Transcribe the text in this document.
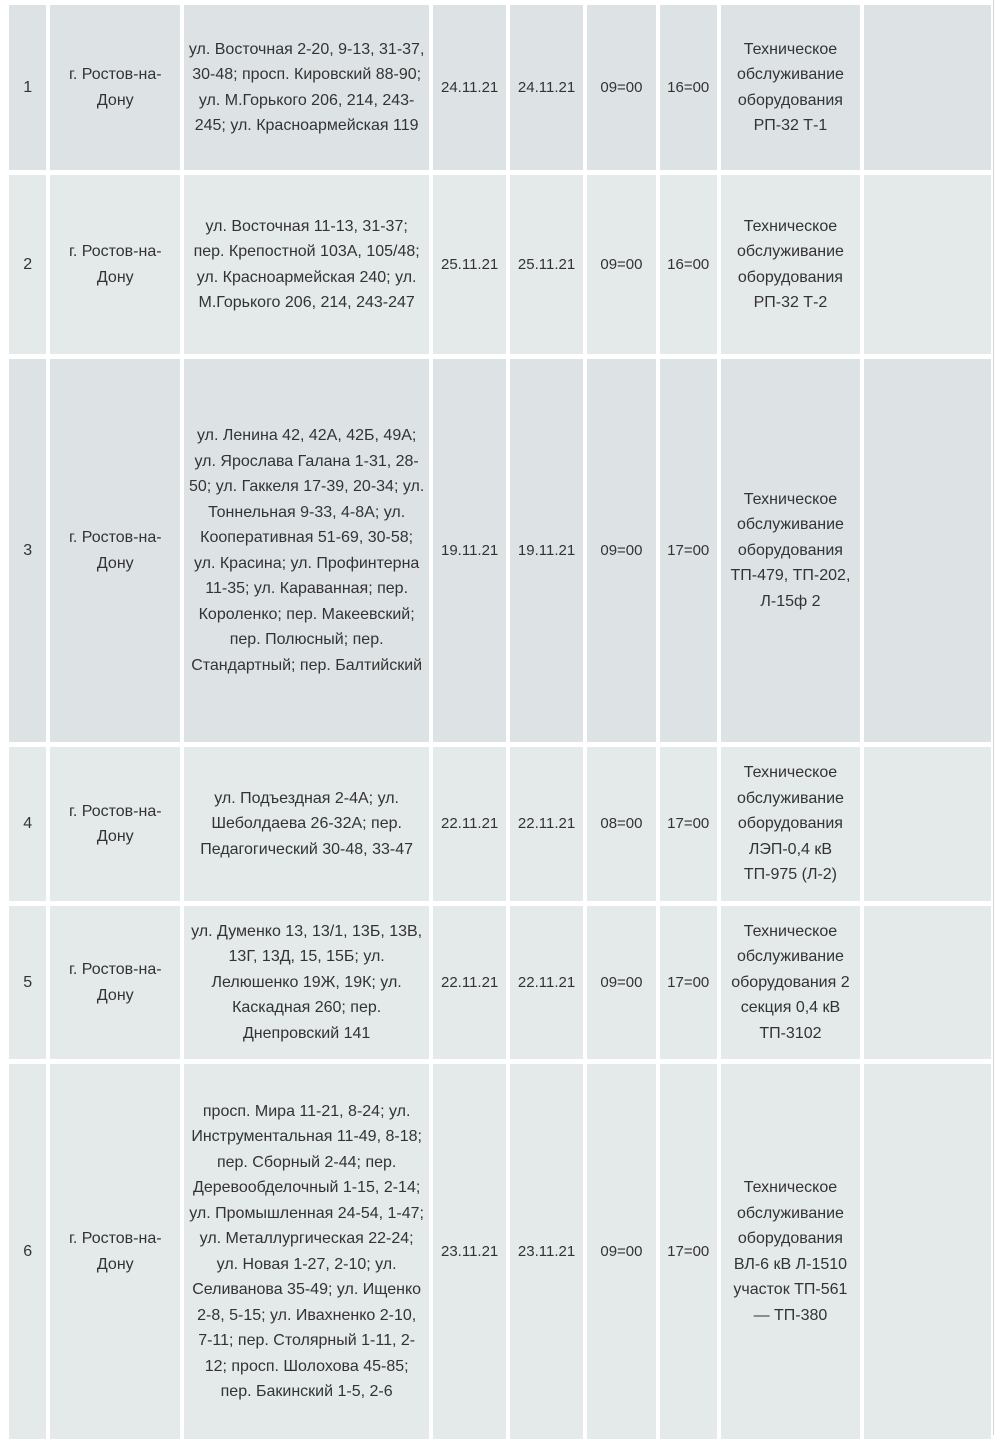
1	г. Ростов-на-Дону	ул. Восточная 2-20, 9-13, 31-37, 30-48; просп. Кировский 88-90; ул. М.Горького 206, 214, 243-245; ул. Красноармейская 119	24.11.21	24.11.21	09=00	16=00	Техническое обслуживание оборудования РП-32 Т-1	
2	г. Ростов-на-Дону	ул. Восточная 11-13, 31-37; пер. Крепостной 103А, 105/48; ул. Красноармейская 240; ул. М.Горького 206, 214, 243-247	25.11.21	25.11.21	09=00	16=00	Техническое обслуживание оборудования РП-32 Т-2	
3	г. Ростов-на-Дону	ул. Ленина 42, 42А, 42Б, 49А; ул. Ярослава Галана 1-31, 28-50; ул. Гаккеля 17-39, 20-34; ул. Тоннельная 9-33, 4-8А; ул. Кооперативная 51-69, 30-58; ул. Красина; ул. Профинтерна 11-35; ул. Караванная; пер. Короленко; пер. Макеевский; пер. Полюсный; пер. Стандартный; пер. Балтийский	19.11.21	19.11.21	09=00	17=00	Техническое обслуживание оборудования ТП-479, ТП-202, Л-15ф 2	
4	г. Ростов-на-Дону	ул. Подъездная 2-4А; ул. Шеболдаева 26-32А; пер. Педагогический 30-48, 33-47	22.11.21	22.11.21	08=00	17=00	Техническое обслуживание оборудования ЛЭП-0,4 кВ ТП-975 (Л-2)	
5	г. Ростов-на-Дону	ул. Думенко 13, 13/1, 13Б, 13В, 13Г, 13Д, 15, 15Б; ул. Лелюшенко 19Ж, 19К; ул. Каскадная 260; пер. Днепровский 141	22.11.21	22.11.21	09=00	17=00	Техническое обслуживание оборудования 2 секция 0,4 кВ ТП-3102	
6	г. Ростов-на-Дону	просп. Мира 11-21, 8-24; ул. Инструментальная 11-49, 8-18; пер. Сборный 2-44; пер. Деревообделочный 1-15, 2-14; ул. Промышленная 24-54, 1-47; ул. Металлургическая 22-24; ул. Новая 1-27, 2-10; ул. Селиванова 35-49; ул. Ищенко 2-8, 5-15; ул. Ивахненко 2-10, 7-11; пер. Столярный 1-11, 2-12; просп. Шолохова 45-85; пер. Бакинский 1-5, 2-6	23.11.21	23.11.21	09=00	17=00	Техническое обслуживание оборудования ВЛ-6 кВ Л-1510 участок ТП-561 — ТП-380	
